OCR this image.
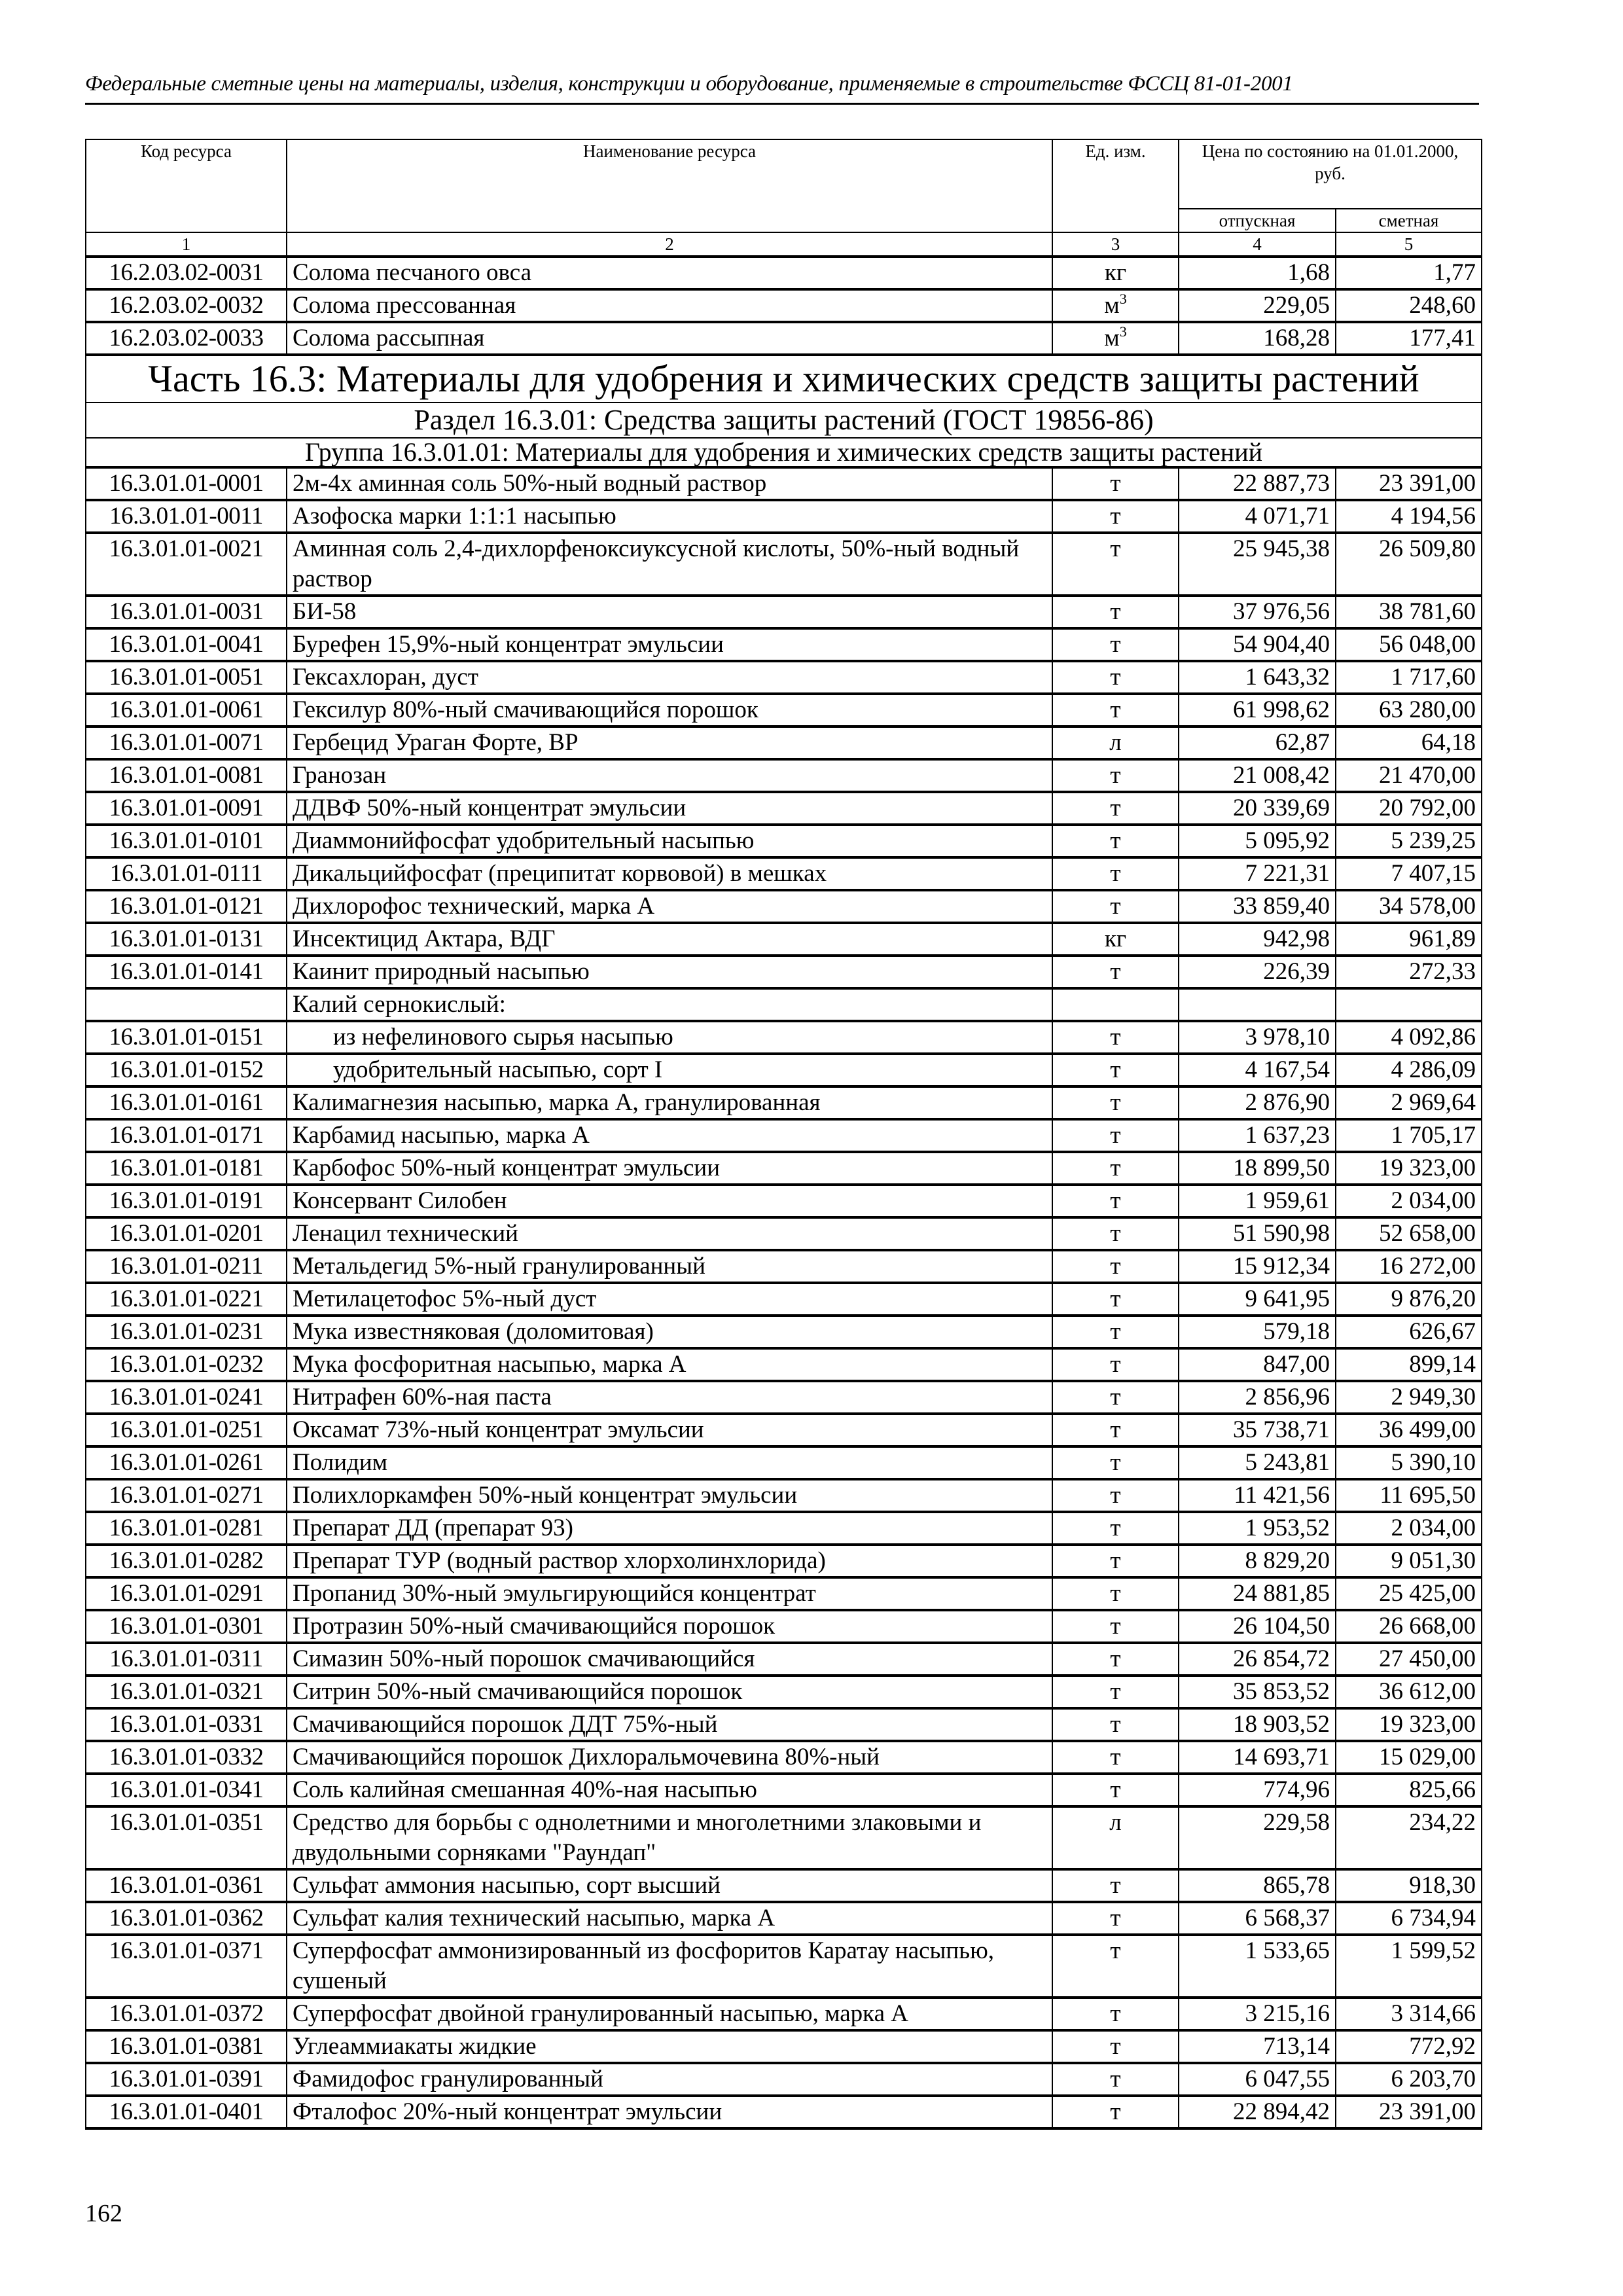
Федеральные сметные цены на материалы, изделия, конструкции и оборудование, применяемые в строительстве ФССЦ 81-01-2001
Код ресурса	Наименование ресурса	Ед. изм.	Цена по состоянию на 01.01.2000, руб.	
			отпускная	сметная
1	2	3	4	5
16.2.03.02-0031	Солома песчаного овса	кг	1,68	1,77
16.2.03.02-0032	Солома прессованная	$м^3$	229,05	248,60
16.2.03.02-0033	Солома рассыпная	$м^3$	168,28	177,41
Часть 16.3: Материалы для удобрения и химических средств защиты растений				
Раздел 16.3.01: Средства защиты растений (ГОСТ 19856-86)				
Группа 16.3.01.01: Материалы для удобрения и химических средств защиты растений				
16.3.01.01-0001	2м-4х аминная соль 50%-ный водный раствор	т	22 887,73	23 391,00
16.3.01.01-0011	Азофоска марки 1:1:1 насыпью	т	4 071,71	4 194,56
16.3.01.01-0021	Аминная соль 2,4-дихлорфеноксиуксусной кислоты, 50%-ный водный раствор	т	25 945,38	26 509,80
16.3.01.01-0031	БИ-58	т	37 976,56	38 781,60
16.3.01.01-0041	Бурефен 15,9%-ный концентрат эмульсии	т	54 904,40	56 048,00
16.3.01.01-0051	Гексахлоран, дуст	т	1 643,32	1 717,60
16.3.01.01-0061	Гексилур 80%-ный смачивающийся порошок	т	61 998,62	63 280,00
16.3.01.01-0071	Гербецид Ураган Форте, ВР	л	62,87	64,18
16.3.01.01-0081	Гранозан	т	21 008,42	21 470,00
16.3.01.01-0091	ДДВФ 50%-ный концентрат эмульсии	т	20 339,69	20 792,00
16.3.01.01-0101	Диаммонийфосфат удобрительный насыпью	т	5 095,92	5 239,25
16.3.01.01-0111	Дикальцийфосфат (преципитат корвовой) в мешках	т	7 221,31	7 407,15
16.3.01.01-0121	Дихлорофос технический, марка А	т	33 859,40	34 578,00
16.3.01.01-0131	Инсектицид Актара, ВДГ	кг	942,98	961,89
16.3.01.01-0141	Каинит природный насыпью	т	226,39	272,33
	Калий сернокислый:			
16.3.01.01-0151	из нефелинового сырья насыпью	т	3 978,10	4 092,86
16.3.01.01-0152	удобрительный насыпью, сорт I	т	4 167,54	4 286,09
16.3.01.01-0161	Калимагнезия насыпью, марка А, гранулированная	т	2 876,90	2 969,64
16.3.01.01-0171	Карбамид насыпью, марка А	т	1 637,23	1 705,17
16.3.01.01-0181	Карбофос 50%-ный концентрат эмульсии	т	18 899,50	19 323,00
16.3.01.01-0191	Консервант Силобен	т	1 959,61	2 034,00
16.3.01.01-0201	Ленацил технический	т	51 590,98	52 658,00
16.3.01.01-0211	Метальдегид 5%-ный гранулированный	т	15 912,34	16 272,00
16.3.01.01-0221	Метилацетофос 5%-ный дуст	т	9 641,95	9 876,20
16.3.01.01-0231	Мука известняковая (доломитовая)	т	579,18	626,67
16.3.01.01-0232	Мука фосфоритная насыпью, марка А	т	847,00	899,14
16.3.01.01-0241	Нитрафен 60%-ная паста	т	2 856,96	2 949,30
16.3.01.01-0251	Оксамат 73%-ный концентрат эмульсии	т	35 738,71	36 499,00
16.3.01.01-0261	Полидим	т	5 243,81	5 390,10
16.3.01.01-0271	Полихлоркамфен 50%-ный концентрат эмульсии	т	11 421,56	11 695,50
16.3.01.01-0281	Препарат ДД (препарат 93)	т	1 953,52	2 034,00
16.3.01.01-0282	Препарат ТУР (водный раствор хлорхолинхлорида)	т	8 829,20	9 051,30
16.3.01.01-0291	Пропанид 30%-ный эмульгирующийся концентрат	т	24 881,85	25 425,00
16.3.01.01-0301	Протразин 50%-ный смачивающийся порошок	т	26 104,50	26 668,00
16.3.01.01-0311	Симазин 50%-ный порошок смачивающийся	т	26 854,72	27 450,00
16.3.01.01-0321	Ситрин 50%-ный смачивающийся порошок	т	35 853,52	36 612,00
16.3.01.01-0331	Смачивающийся порошок ДДТ 75%-ный	т	18 903,52	19 323,00
16.3.01.01-0332	Смачивающийся порошок Дихлоральмочевина 80%-ный	т	14 693,71	15 029,00
16.3.01.01-0341	Соль калийная смешанная 40%-ная насыпью	т	774,96	825,66
16.3.01.01-0351	Средство для борьбы с однолетними и многолетними злаковыми и двудольными сорняками "Раундап"	л	229,58	234,22
16.3.01.01-0361	Сульфат аммония насыпью, сорт высший	т	865,78	918,30
16.3.01.01-0362	Сульфат калия технический насыпью, марка А	т	6 568,37	6 734,94
16.3.01.01-0371	Суперфосфат аммонизированный из фосфоритов Каратау насыпью, сушеный	т	1 533,65	1 599,52
16.3.01.01-0372	Суперфосфат двойной гранулированный насыпью, марка А	т	3 215,16	3 314,66
16.3.01.01-0381	Углеаммиакаты жидкие	т	713,14	772,92
16.3.01.01-0391	Фамидофос гранулированный	т	6 047,55	6 203,70
16.3.01.01-0401	Фталофос 20%-ный концентрат эмульсии	т	22 894,42	23 391,00
162
